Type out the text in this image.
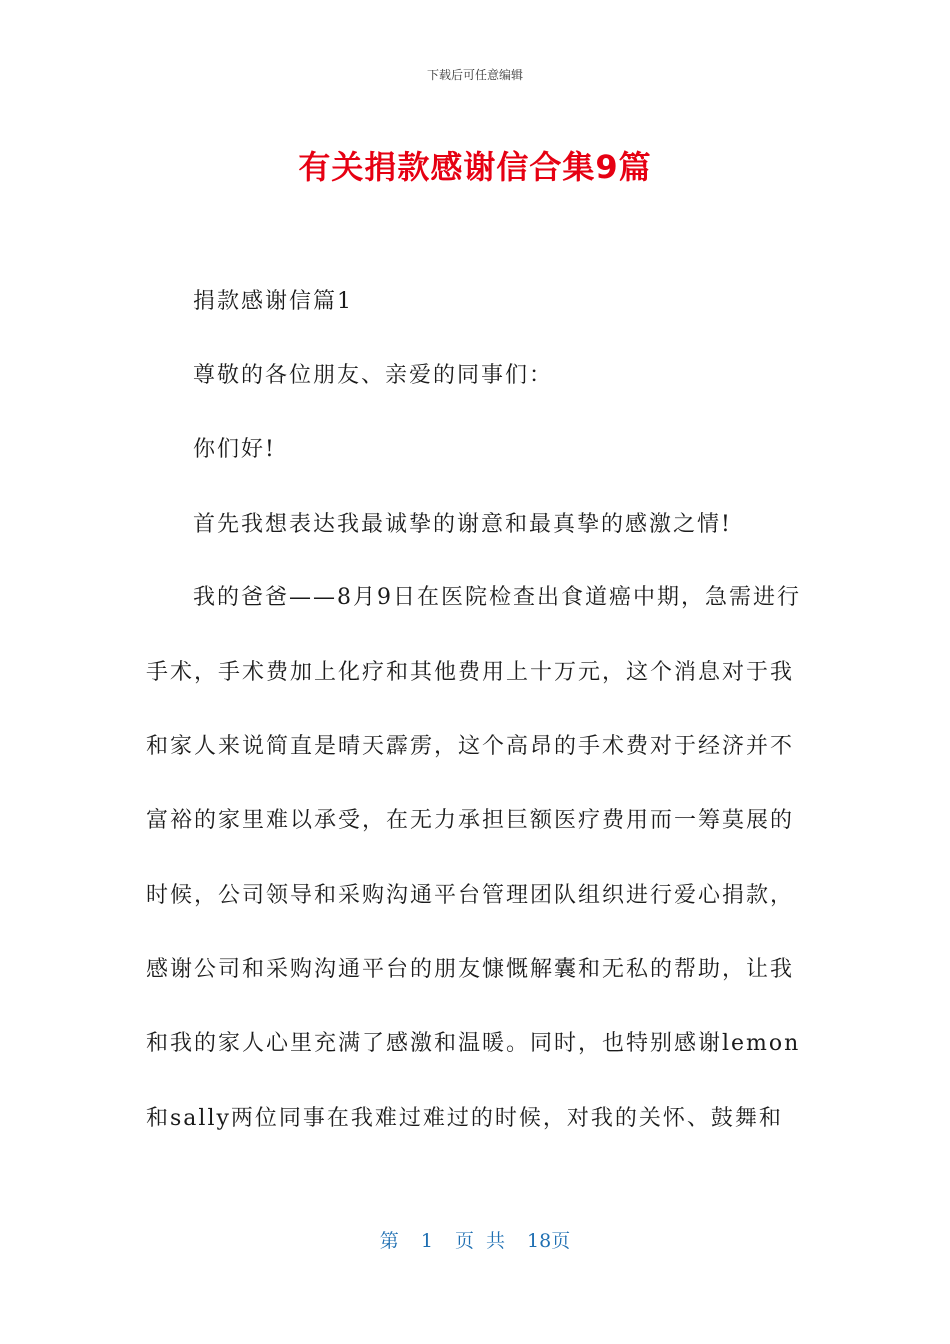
下载后可任意编辑
有关捐款感谢信合集9篇
捐款感谢信篇1
尊敬的各位朋友、亲爱的同事们：
你们好!
首先我想表达我最诚挚的谢意和最真挚的感激之情!
我的爸爸——8月9日在医院检查出食道癌中期，急需进行
手术，手术费加上化疗和其他费用上十万元，这个消息对于我
和家人来说简直是晴天霹雳，这个高昂的手术费对于经济并不
富裕的家里难以承受，在无力承担巨额医疗费用而一筹莫展的
时候，公司领导和采购沟通平台管理团队组织进行爱心捐款，
感谢公司和采购沟通平台的朋友慷慨解囊和无私的帮助，让我
和我的家人心里充满了感激和温暖。同时，也特别感谢lemon
和sally两位同事在我难过难过的时候，对我的关怀、鼓舞和
第 1 页 共 18页
